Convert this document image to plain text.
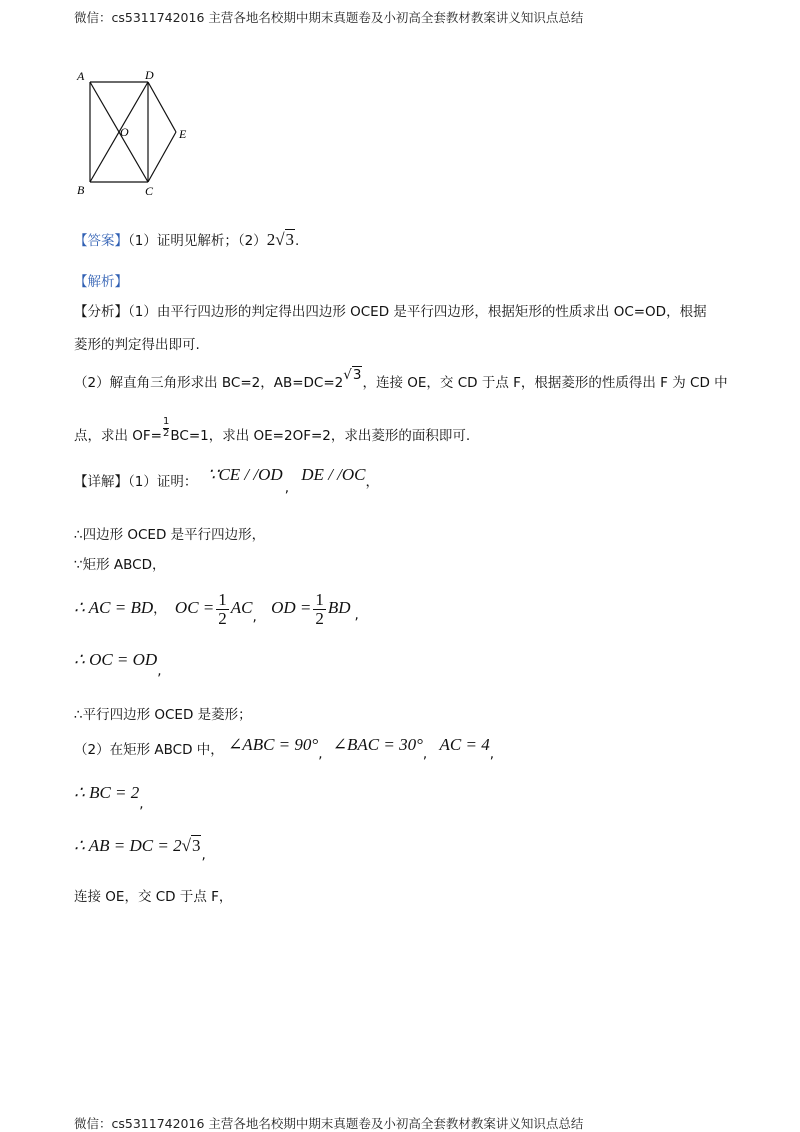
微信：cs5311742016 主营各地名校期中期末真题卷及小初高全套教材教案讲义知识点总结
A	D
O	E
B	C
【答案】（1）证明见解析；（2）2√3.
【解析】
【分析】（1）由平行四边形的判定得出四边形 OCED 是平行四边形，根据矩形的性质求出 OC=OD，根据
菱形的判定得出即可.
（2）解直角三角形求出 BC=2，AB=DC=2√3，连接 OE，交 CD 于点 F，根据菱形的性质得出 F 为 CD 中
点，求出 $OF= \frac{1}{2} BC=1$，求出 OE=2OF=2，求出菱形的面积即可.
【详解】（1）证明： ∵CE / /OD, DE / /OC，
∴四边形 OCED 是平行四边形，
∵矩形 ABCD，
∴ AC = BD， OC = $\frac{1}{2}$ AC, OD = $\frac{1}{2}$ BD ,
∴ OC = OD,
∴平行四边形 OCED 是菱形；
（2）在矩形 ABCD 中， ∠ABC = 90°, ∠BAC = 30°, AC = 4,
∴ BC = 2,
∴ AB = DC = 2√3,
连接 OE，交 CD 于点 F，
微信：cs5311742016 主营各地名校期中期末真题卷及小初高全套教材教案讲义知识点总结
